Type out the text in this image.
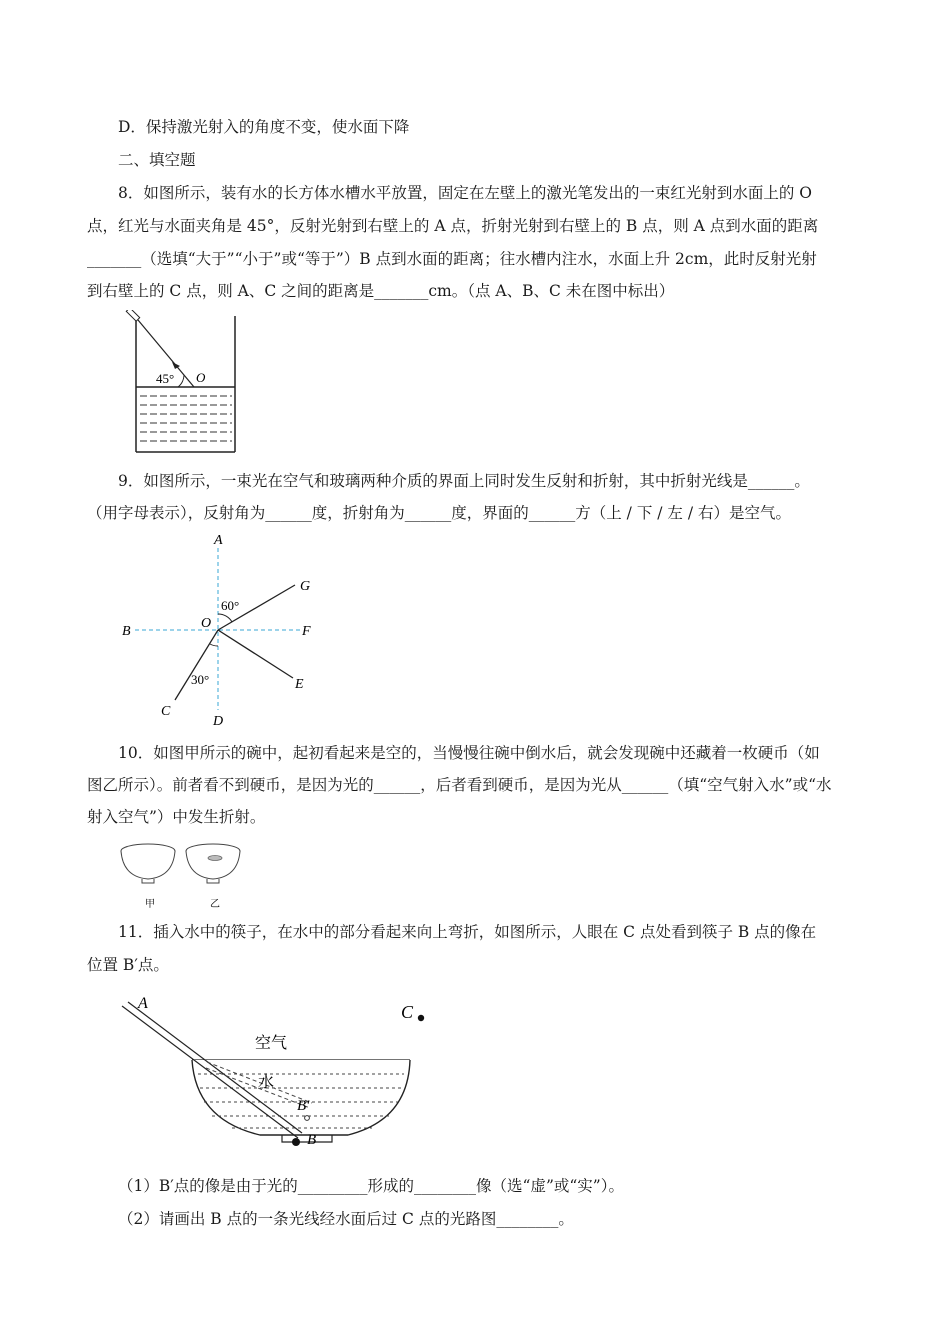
D．保持激光射入的角度不变，使水面下降
二、填空题
8．如图所示，装有水的长方体水槽水平放置，固定在左壁上的激光笔发出的一束红光射到水面上的 O
点，红光与水面夹角是 45°，反射光射到右壁上的 A 点，折射光射到右壁上的 B 点，则 A 点到水面的距离
_______（选填“大于”“小于”或“等于”）B 点到水面的距离；往水槽内注水，水面上升 2cm，此时反射光射
到右壁上的 C 点，则 A、C 之间的距离是_______cm。（点 A、B、C 未在图中标出）
45° O
9．如图所示，一束光在空气和玻璃两种介质的界面上同时发生反射和折射，其中折射光线是______。
（用字母表示），反射角为______度，折射角为______度，界面的______方（上 / 下 / 左 / 右）是空气。
A
B
C
D
E
F
G
O
60°
30°
10．如图甲所示的碗中，起初看起来是空的，当慢慢往碗中倒水后，就会发现碗中还藏着一枚硬币（如
图乙所示）。前者看不到硬币，是因为光的______，后者看到硬币，是因为光从______（填“空气射入水”或“水
射入空气”）中发生折射。
甲	乙
11．插入水中的筷子，在水中的部分看起来向上弯折，如图所示，人眼在 C 点处看到筷子 B 点的像在
位置 B′点。
A	C
空气
水
B′
B
（1）B′点的像是由于光的_________形成的________像（选“虚”或“实”）。
（2）请画出 B 点的一条光线经水面后过 C 点的光路图________。
